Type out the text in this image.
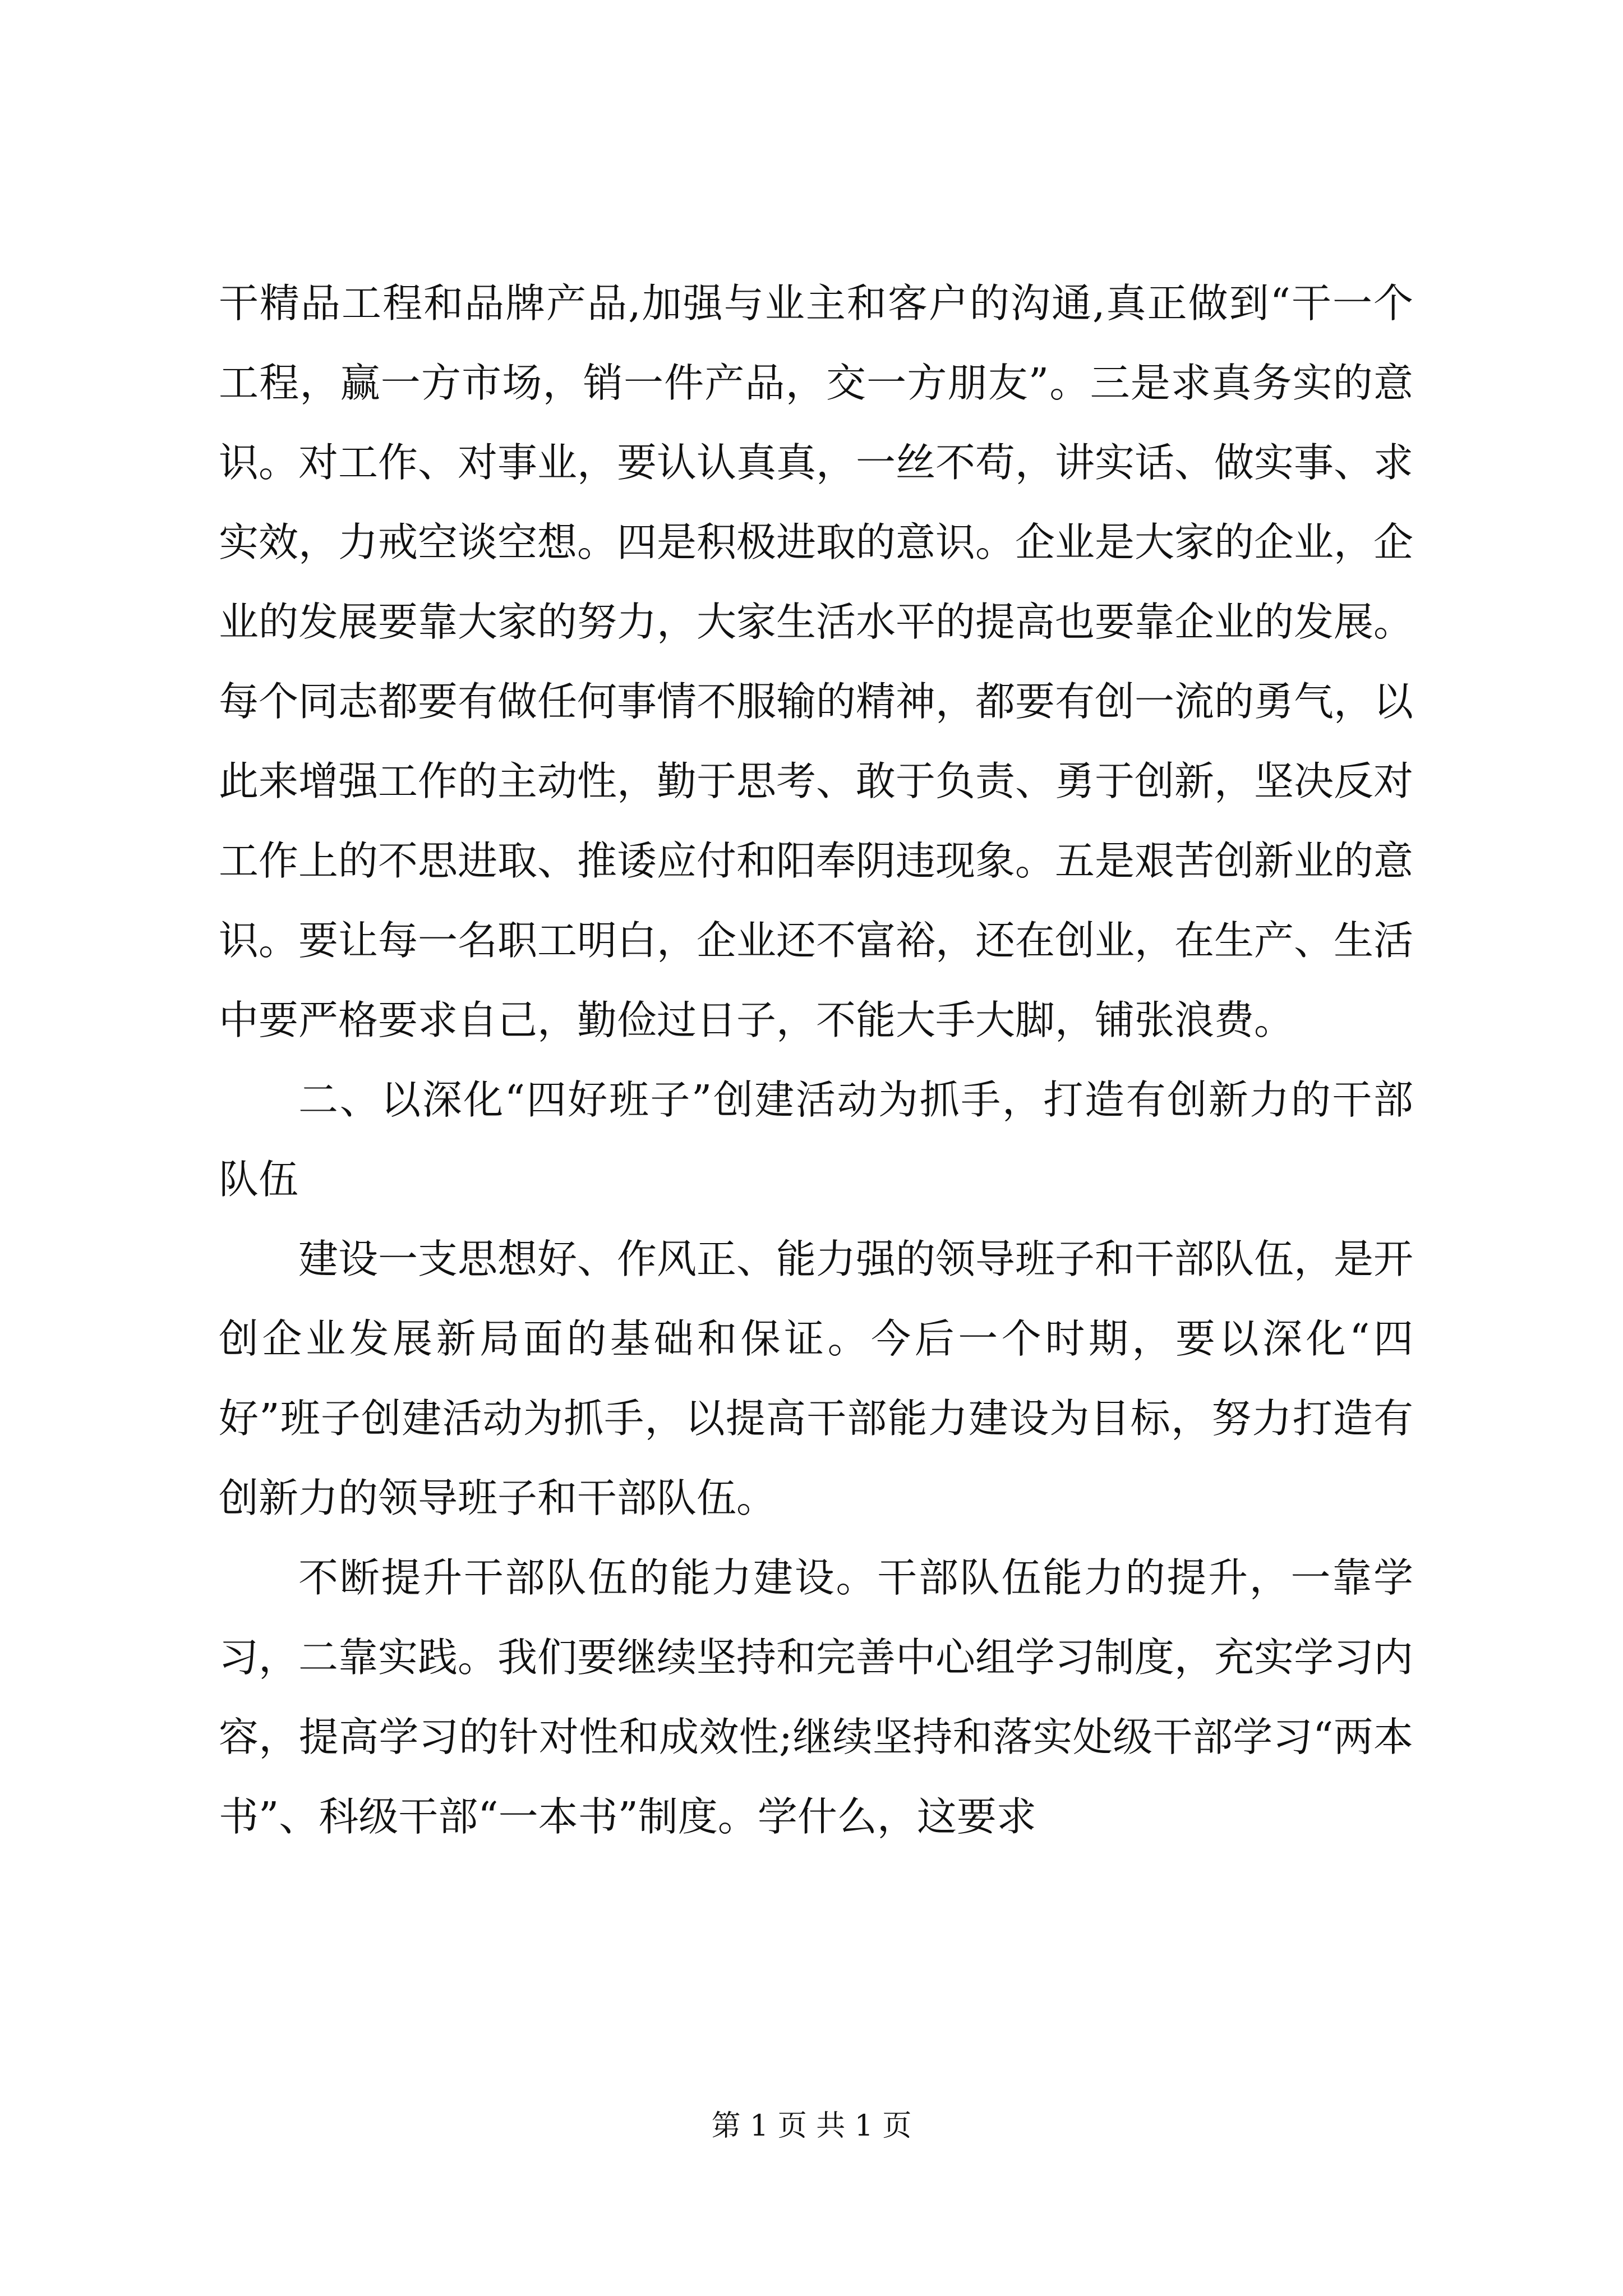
干精品工程和品牌产品,加强与业主和客户的沟通,真正做到“干一个工程，赢一方市场，销一件产品，交一方朋友”。三是求真务实的意识。对工作、对事业，要认认真真，一丝不苟，讲实话、做实事、求实效，力戒空谈空想。四是积极进取的意识。企业是大家的企业，企业的发展要靠大家的努力，大家生活水平的提高也要靠企业的发展。每个同志都要有做任何事情不服输的精神，都要有创一流的勇气，以此来增强工作的主动性，勤于思考、敢于负责、勇于创新，坚决反对工作上的不思进取、推诿应付和阳奉阴违现象。五是艰苦创新业的意识。要让每一名职工明白，企业还不富裕，还在创业，在生产、生活中要严格要求自己，勤俭过日子，不能大手大脚，铺张浪费。

二、以深化“四好班子”创建活动为抓手，打造有创新力的干部队伍

建设一支思想好、作风正、能力强的领导班子和干部队伍，是开创企业发展新局面的基础和保证。今后一个时期，要以深化“四好”班子创建活动为抓手，以提高干部能力建设为目标，努力打造有创新力的领导班子和干部队伍。

不断提升干部队伍的能力建设。干部队伍能力的提升，一靠学习，二靠实践。我们要继续坚持和完善中心组学习制度，充实学习内容，提高学习的针对性和成效性;继续坚持和落实处级干部学习“两本书”、科级干部“一本书”制度。学什么，这要求

第 1 页 共 1 页
